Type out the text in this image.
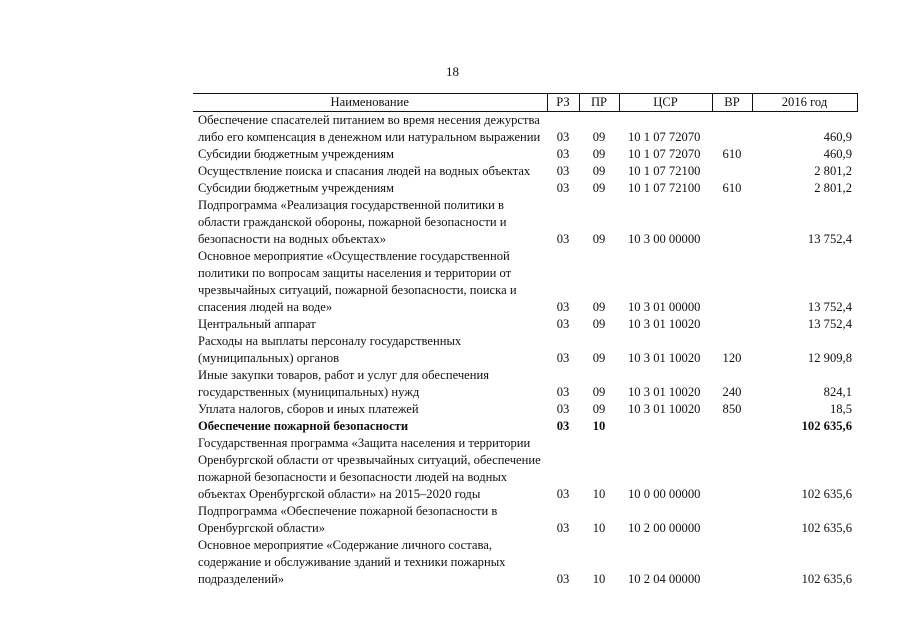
18
Наименование	РЗ	ПР	ЦСР	ВР	2016 год
Обеспечение спасателей питанием во время несения дежурства либо его компенсация в денежном или натуральном выражении	03	09	10 1 07 72070		460,9
Субсидии бюджетным учреждениям	03	09	10 1 07 72070	610	460,9
Осуществление поиска и спасания людей на водных объектах	03	09	10 1 07 72100		2 801,2
Субсидии бюджетным учреждениям	03	09	10 1 07 72100	610	2 801,2
Подпрограмма «Реализация государственной политики в области гражданской обороны, пожарной безопасности и безопасности на водных объектах»	03	09	10 3 00 00000		13 752,4
Основное мероприятие «Осуществление государственной политики по вопросам защиты населения и территории от чрезвычайных ситуаций, пожарной безопасности, поиска и спасения людей на воде»	03	09	10 3 01 00000		13 752,4
Центральный аппарат	03	09	10 3 01 10020		13 752,4
Расходы на выплаты персоналу государственных (муниципальных) органов	03	09	10 3 01 10020	120	12 909,8
Иные закупки товаров, работ и услуг для обеспечения государственных (муниципальных) нужд	03	09	10 3 01 10020	240	824,1
Уплата налогов, сборов и иных платежей	03	09	10 3 01 10020	850	18,5
Обеспечение пожарной безопасности	03	10			102 635,6
Государственная программа «Защита населения и территории Оренбургской области от чрезвычайных ситуаций, обеспечение пожарной безопасности и безопасности людей на водных объектах Оренбургской области» на 2015–2020 годы	03	10	10 0 00 00000		102 635,6
Подпрограмма «Обеспечение пожарной безопасности в Оренбургской области»	03	10	10 2 00 00000		102 635,6
Основное мероприятие «Содержание личного состава, содержание и обслуживание зданий и техники пожарных подразделений»	03	10	10 2 04 00000		102 635,6
